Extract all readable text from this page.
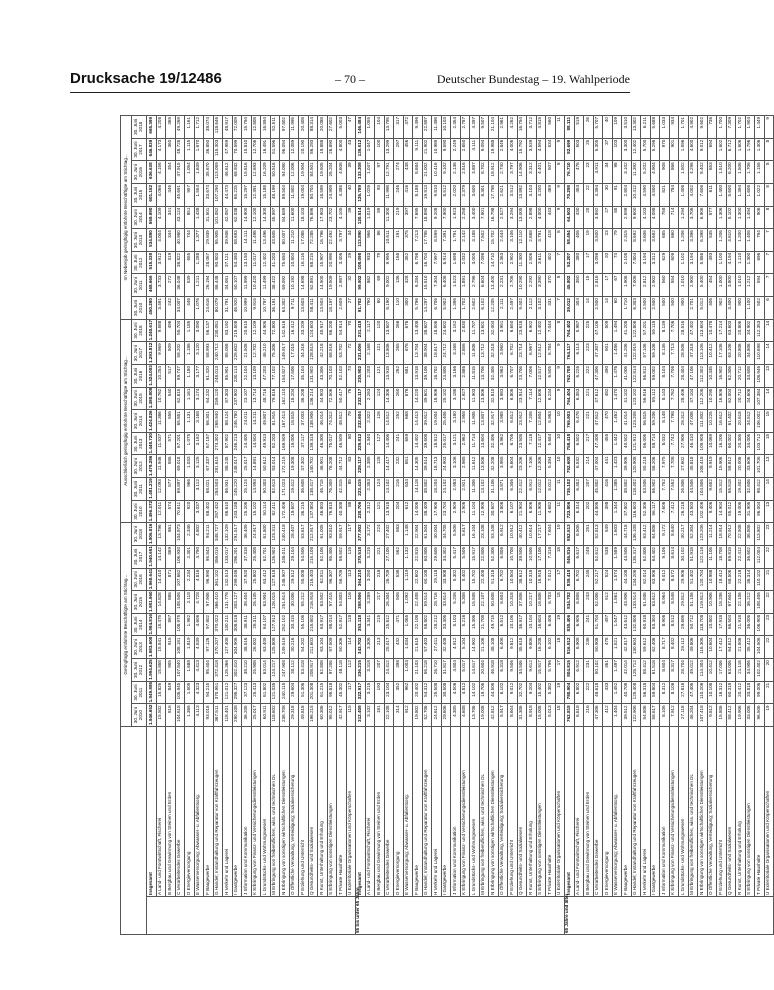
Drucksache 19/12486	– 70 –	Deutscher Bundestag – 19. Wahlperiode
		Geringfügig entlohnte Beschäftigte am Stichtag...									Ausschließlich geringfügig entlohnte Beschäftigte am Stichtag...									Im Nebenjob geringfügig entlohnte Beschäftigte am Stichtag...								
		30. Juni 2010	30. Juni 2011	30. Juni 2012	30. Juni 2013	30. Juni 2014	30. Juni 2015	30. Juni 2016	30. Juni 2017	30. Juni 2018	30. Juni 2010	30. Juni 2011	30. Juni 2012	30. Juni 2013	30. Juni 2014	30. Juni 2015	30. Juni 2016	30. Juni 2017	30. Juni 2018	30. Juni 2010	30. Juni 2011	30. Juni 2012	30. Juni 2013	30. Juni 2014	30. Juni 2015	30. Juni 2016	30. Juni 2017	30. Juni 2018
	Insgesamt	1.946.652	1.949.885	1.994.625	1.983.600	1.994.816	1.981.960	1.960.641	1.940.651	1.906.016	1.496.372	1.481.219	1.479.286	1.448.720	1.424.826	1.380.808	1.324.003	1.293.812	1.240.617	450.280	468.666	515.339	534.880	569.990	601.152	636.638	646.839	665.399
	A Land- und Forstwirtschaft, Fischerei	15.502	15.826	15.858	15.541	15.475	14.828	14.410	14.142	13.796	12.011	12.093	11.946	11.537	11.366	10.762	10.254	9.969	9.588	3.491	3.733	3.912	4.004	4.109	4.066	4.156	4.173	4.208
	B Bergbau und Gewinnung von Steinen und Erden	816	849	905	915	897	886	871	869	861	574	577	586	571	556	540	517	509	496	242	272	319	344	341	346	354	360	365
	C Verarbeitendes Gewerbe	104.618	105.945	107.840	108.181	108.975	108.506	107.662	106.930	104.973	70.611	69.897	69.018	67.201	65.851	62.815	59.747	58.202	55.704	34.007	36.048	38.822	40.980	43.124	45.691	47.915	48.728	49.269
	D Energieversorgung	1.366	1.505	1.688	1.819	1.982	2.118	2.234	2.301	2.346	920	966	1.033	1.075	1.131	1.161	1.180	1.186	1.185	446	539	655	744	851	957	1.054	1.115	1.161
	E Wasserversorgung; Abwasser- u. Abfallentsorg.	4.113	4.323	4.413	4.539	4.606	4.728	4.816	4.790	4.802	3.037	3.112	3.125	3.162	3.168	3.174	3.177	3.120	3.090	1.076	1.211	1.288	1.377	1.438	1.554	1.639	1.670	1.712
	F Baugewerbe	93.018	94.215	95.404	97.126	97.802	97.906	96.990	95.843	94.211	68.402	68.021	67.337	67.187	66.301	64.232	61.320	58.993	56.137	24.616	26.194	28.067	29.939	31.501	33.674	35.670	36.850	38.074
	G Handel; Instandhaltung und Reparatur von Kraftfahrzeugen	367.511	370.951	372.418	370.207	370.022	366.410	361.102	356.015	348.727	287.432	284.503	281.615	274.302	268.940	259.120	248.013	240.712	230.081	80.079	86.448	90.803	95.905	101.082	107.290	113.089	115.303	118.646
	H Verkehr und Lagerei	118.401	121.012	125.366	127.408	130.211	131.776	132.513	133.017	132.109	86.610	86.931	88.245	87.902	88.124	87.303	85.901	85.058	83.192	31.791	34.081	37.121	39.506	42.087	44.473	46.612	47.959	48.917
	I Gastgewerbe	290.108	295.327	302.410	304.906	308.818	303.127	299.046	296.201	291.517	243.188	245.220	248.017	246.213	246.780	237.902	230.114	225.602	219.508	46.920	50.107	54.393	58.693	62.038	65.225	68.932	70.599	72.009
	J Information und Kommunikation	36.205	37.123	38.210	38.516	38.911	38.404	37.920	37.318	36.409	25.206	25.124	25.017	24.405	24.011	23.107	22.104	21.508	20.615	10.999	11.999	13.193	14.111	14.900	15.297	15.816	15.810	15.794
	K Erbringung von Finanz- und Versicherungsdienstleistungen	25.017	25.413	25.908	26.002	26.311	26.105	25.802	25.408	24.917	15.102	14.993	14.891	14.504	14.211	13.714	13.109	12.702	12.109	9.915	10.420	11.017	11.498	12.100	12.391	12.693	12.706	12.808
	L Grundstücks- und Wohnungswesen	60.911	61.802	63.014	63.409	64.107	63.904	63.412	62.701	61.800	50.114	50.303	50.612	49.913	49.807	48.716	47.203	46.210	44.906	10.797	11.499	12.402	13.496	14.300	15.188	16.209	16.491	16.894
	M Erbringung von freiberuflichen, wiss. und technischen DL	118.602	121.035	124.217	125.808	127.912	128.015	127.618	126.902	125.311	82.411	82.613	83.014	82.203	81.915	79.816	77.102	75.306	72.800	36.191	38.422	41.203	43.605	45.997	48.199	50.516	51.596	52.511
	N Erbringung von sonstigen wirtschaftlichen Dienstleistungen	236.708	240.115	247.908	249.516	252.102	251.614	248.907	246.011	240.418	172.406	171.023	172.215	169.509	167.413	162.110	154.827	149.917	142.616	64.302	69.092	75.693	80.007	84.689	89.504	94.080	96.094	97.802
	O Öffentliche Verwaltung, Verteidigung; Sozialversicherung	29.318	29.604	30.112	30.216	30.415	30.006	29.512	29.104	28.407	19.607	19.412	19.308	19.006	18.815	18.204	17.506	17.015	16.412	9.711	10.192	10.804	11.210	11.600	11.802	12.006	12.089	11.995
	P Erziehung und Unterricht	49.818	51.306	53.418	54.202	55.106	55.212	55.008	54.506	53.617	36.215	36.608	37.302	37.117	37.003	36.208	35.104	34.316	33.209	13.603	14.698	16.116	17.085	18.103	19.004	19.904	20.190	20.408
	Q Gesundheits- und Sozialwesen	196.215	201.308	208.917	211.603	215.802	216.918	216.403	215.108	212.917	137.804	138.417	140.702	139.318	138.906	136.214	131.902	128.815	124.603	58.411	62.891	68.215	72.285	76.896	80.704	84.501	86.293	88.314
	R Kunst, Unterhaltung und Erholung	60.306	61.215	62.808	63.104	63.917	63.502	62.811	62.106	61.005	46.803	46.715	46.901	46.308	46.014	44.903	43.306	42.218	40.917	13.503	14.500	15.907	16.796	17.903	18.599	19.505	19.888	20.088
	S Erbringung von sonstigen Dienstleistungen	95.012	95.818	97.206	97.509	98.014	97.415	96.307	95.406	93.810	76.815	76.309	76.208	75.017	74.312	72.506	70.103	68.516	66.208	18.197	19.509	20.998	22.492	23.702	24.909	26.204	26.890	27.602
	T Private Haushalte	42.917	45.302	48.118	50.306	52.917	54.803	56.709	58.502	59.917	40.308	42.315	44.712	46.509	48.812	50.417	52.103	53.702	54.914	2.609	2.987	3.406	3.797	4.105	4.386	4.606	4.800	5.003
	U Exterritoriale Organisationen und Körperschaften	115	117	112	114	118	116	113	115	117	88	85	83	80	79	76	74	72	70	27	32	29	34	39	40	39	43	47
55 bis unter 65 Jahre	Insgesamt	312.408	322.917	336.215	343.702	353.118	358.906	364.210	370.518	377.902	220.706	223.415	228.117	229.812	232.604	232.117	230.902	231.006	231.418	91.702	99.502	108.098	113.890	120.514	126.789	133.308	139.512	146.484
	A Land- und Forstwirtschaft, Fischerei	3.102	3.215	3.318	3.306	3.341	3.289	3.250	3.215	3.172	2.312	2.353	2.385	2.340	2.322	2.263	2.203	2.168	2.117	790	862	933	966	1.019	1.026	1.047	1.047	1.055
	B Bergbau und Gewinnung von Steinen und Erden	181	193	207	213	215	217	218	221	224	121	124	128	127	126	124	121	121	120	60	69	79	86	89	93	97	100	104
	C Verarbeitendes Gewerbe	22.108	23.104	24.412	25.017	25.812	26.304	26.709	27.105	27.402	13.918	14.102	14.417	14.406	14.512	14.306	13.918	13.806	13.607	8.190	9.002	9.995	10.611	11.300	11.998	12.791	13.299	13.795
	D Energieversorgung	314	352	398	432	471	506	536	562	583	204	216	232	241	252	260	262	265	266	110	136	166	191	219	246	274	297	317
	E Wasserversorgung; Abwasser- u. Abfallentsorg.	912	962	1.003	1.034	1.065	1.092	1.119	1.132	1.148	612	634	651	659	668	676	681	676	676	300	328	352	375	397	416	438	456	472
	F Baugewerbe	19.802	20.402	21.103	21.615	22.108	22.408	22.602	22.815	22.904	14.006	14.118	14.305	14.402	14.413	14.220	13.918	13.704	13.408	5.796	6.284	6.798	7.213	7.695	8.188	8.684	9.111	9.496
	G Handel; Instandhaltung und Reparatur von Kraftfahrzeugen	52.706	54.312	56.218	57.403	58.802	59.514	60.108	60.806	61.504	38.409	38.802	39.514	39.608	39.912	39.601	39.106	38.904	38.607	14.297	15.510	16.704	17.795	18.890	19.913	21.002	21.902	22.897
	H Verkehr und Lagerei	24.612	25.508	26.710	27.411	28.212	28.716	29.118	29.606	30.004	17.906	18.204	18.713	18.812	19.004	18.906	18.702	18.617	18.506	6.706	7.304	7.997	8.599	9.208	9.810	10.416	10.989	11.498
	I Gastgewerbe	29.606	30.508	31.817	32.408	33.306	33.614	33.908	34.302	34.705	23.704	24.102	24.903	25.017	25.406	25.102	24.806	24.712	24.602	5.902	6.406	6.914	7.391	7.900	8.512	9.102	9.590	10.103
	J Information und Kommunikation	4.305	4.506	4.804	4.912	5.103	5.206	5.302	5.417	5.506	2.909	2.983	3.106	3.121	3.180	3.186	3.166	3.168	3.152	1.396	1.523	1.698	1.791	1.923	2.020	2.136	2.249	2.354
	K Erbringung von Finanz- und Versicherungsdienstleistungen	4.608	4.812	5.017	5.104	5.216	5.306	5.402	5.506	5.617	2.906	2.921	2.985	2.962	2.958	2.927	2.886	2.856	2.830	1.702	1.891	2.032	2.142	2.258	2.379	2.516	2.650	2.787
	L Grundstücks- und Wohnungswesen	13.706	14.102	14.617	14.902	15.306	15.508	15.702	15.917	16.104	11.104	11.306	11.612	11.714	11.906	11.903	11.815	11.806	11.707	2.602	2.796	3.005	3.188	3.400	3.605	3.887	4.111	4.397
	M Erbringung von freiberuflichen, wiss. und technischen DL	19.008	19.706	20.604	21.106	21.708	22.107	22.408	22.806	23.108	12.906	13.102	13.506	13.604	13.807	13.806	13.706	13.712	13.601	6.102	6.604	7.098	7.502	7.901	8.301	8.702	9.094	9.507
	N Erbringung von sonstigen wirtschaftlichen Dienstleistungen	42.812	44.506	46.918	48.108	49.715	50.608	51.318	52.306	53.108	30.607	31.106	32.208	32.406	32.917	32.810	32.406	32.318	32.004	12.205	13.400	14.710	15.702	16.798	17.798	18.912	19.988	21.104
	O Öffentliche Verwaltung, Verteidigung; Sozialversicherung	5.917	6.102	6.318	6.406	6.512	6.604	6.702	6.806	6.912	3.806	3.871	3.955	3.962	3.985	3.983	3.962	3.960	3.951	2.111	2.231	2.363	2.444	2.527	2.621	2.740	2.846	2.961
	P Erziehung und Unterricht	8.604	9.012	9.506	9.812	10.106	10.318	10.504	10.708	10.912	6.107	6.306	6.604	6.706	6.812	6.806	6.707	6.702	6.650	2.497	2.706	2.902	3.106	3.294	3.512	3.797	4.006	4.262
	Q Gesundheits- und Sozialwesen	31.306	32.702	34.506	35.618	36.917	37.806	38.612	39.506	40.412	21.904	22.412	23.206	23.508	23.912	23.914	23.706	23.714	23.618	9.402	10.290	11.300	12.110	13.005	13.892	14.906	15.792	16.794
	R Kunst, Unterhaltung und Erholung	8.918	9.204	9.612	9.806	10.104	10.217	10.318	10.506	10.614	6.806	6.912	7.106	7.118	7.206	7.114	7.006	6.967	6.902	2.112	2.292	2.506	2.688	2.898	3.103	3.312	3.539	3.712
	S Erbringung von sonstigen Dienstleistungen	15.008	15.402	15.917	16.208	16.604	16.806	16.918	17.106	17.217	11.906	12.012	12.306	12.417	12.604	12.606	12.517	12.512	12.402	3.102	3.390	3.611	3.791	4.000	4.200	4.401	4.594	4.815
	T Private Haushalte	5.013	5.382	5.796	6.102	6.406	6.703	7.012	7.318	7.604	4.682	5.012	5.394	5.684	5.963	6.234	6.505	6.784	7.044	331	370	402	418	443	469	507	534	560
	U Exterritoriale Organisationen und Körperschaften	18	19	17	18	19	18	17	18	19	11	11	10	10	10	9	9	9	8	7	8	7	8	9	9	8	9	11
65 Jahre und älter	Insgesamt	762.818	780.904	804.815	816.912	830.406	834.702	839.418	846.816	852.513	723.806	735.102	752.608	758.418	765.903	764.404	762.708	764.117	764.402	39.012	45.802	52.207	58.494	64.503	70.298	76.710	82.699	88.111
	A Land- und Forstwirtschaft, Fischerei	6.618	6.802	6.912	6.908	6.906	6.806	6.702	6.617	6.506	6.314	6.452	6.532	6.502	6.476	6.353	6.226	6.114	5.987	304	350	380	406	430	453	476	503	519
	B Bergbau und Gewinnung von Steinen und Erden	216	222	231	236	241	243	245	248	251	202	207	214	217	221	221	222	223	225	14	15	17	19	20	22	23	25	26
	C Verarbeitendes Gewerbe	47.306	48.618	50.102	50.908	51.704	52.006	52.217	52.612	52.813	44.806	45.802	47.004	47.408	47.812	47.612	47.306	47.307	47.106	2.500	2.816	3.098	3.500	3.892	4.394	4.911	5.305	5.707
	D Energieversorgung	412	433	461	478	497	512	524	538	549	398	416	441	455	470	482	490	501	509	14	17	20	23	27	30	34	37	40
	E Wasserversorgung; Abwasser- u. Abfallentsorg.	1.404	1.452	1.497	1.521	1.547	1.561	1.574	1.589	1.603	1.344	1.385	1.423	1.442	1.462	1.470	1.476	1.486	1.494	60	67	74	79	85	91	98	103	109
	F Baugewerbe	39.512	40.708	42.014	42.817	43.612	43.906	44.108	44.506	44.718	37.802	38.802	39.906	40.502	41.014	41.102	41.006	41.206	41.208	1.710	1.906	2.108	2.315	2.598	2.804	3.102	3.300	3.510
	G Handel; Instandhaltung und Reparatur von Kraftfahrzeugen	122.906	125.408	128.712	130.604	132.806	133.514	134.206	135.317	136.108	116.603	118.402	120.908	121.912	123.206	123.102	122.814	122.915	122.806	6.303	7.006	7.804	8.692	9.600	10.412	11.392	12.402	13.302
	H Verkehr und Lagerei	54.806	56.318	58.412	59.612	60.918	61.506	62.014	62.806	63.412	52.306	53.506	55.218	56.006	56.815	56.916	56.812	57.106	57.201	2.500	2.812	3.194	3.606	4.103	4.590	5.202	5.700	6.211
	I Gastgewerbe	58.617	59.804	61.518	62.406	63.304	63.612	63.906	64.402	64.806	56.117	56.902	58.206	58.714	59.206	59.112	59.002	59.106	59.118	2.500	2.902	3.312	3.692	4.098	4.500	4.904	5.296	5.688
	J Information und Kommunikation	8.106	8.312	8.604	8.717	8.906	8.964	9.012	9.106	9.172	7.606	7.752	7.975	8.032	8.148	8.143	8.104	8.136	8.139	500	560	629	685	758	821	908	970	1.033
	K Erbringung von Finanz- und Versicherungsdienstleistungen	7.912	8.106	8.317	8.402	8.512	8.546	8.572	8.614	8.640	7.412	7.552	7.708	7.742	7.798	7.762	7.706	7.713	7.706	500	554	609	660	714	784	866	901	934
	L Grundstücks- und Wohnungswesen	27.118	27.816	28.704	29.112	29.606	29.812	29.906	30.102	30.217	26.218	26.806	27.602	27.906	28.312	28.406	28.404	28.506	28.516	900	1.010	1.102	1.206	1.294	1.406	1.502	1.596	1.701
	M Erbringung von freiberuflichen, wiss. und technischen DL	46.204	47.406	49.012	49.806	50.712	51.106	51.402	51.918	52.304	43.503	44.506	45.818	46.410	47.006	47.104	47.106	47.318	47.402	2.701	2.900	3.194	3.396	3.706	4.002	4.296	4.600	4.902
	N Erbringung von sonstigen wirtschaftlichen Dienstleistungen	107.418	110.206	114.304	116.306	118.708	119.812	120.704	122.118	123.206	102.406	104.806	108.418	109.908	111.802	112.206	112.302	113.106	113.604	5.012	5.400	5.886	6.398	6.906	7.606	8.402	9.012	9.602
	O Öffentliche Verwaltung, Verteidigung; Sozialversicherung	9.812	10.106	10.412	10.604	10.802	10.906	10.988	11.106	11.214	9.406	9.652	9.919	10.069	10.225	10.295	10.335	10.412	10.478	406	454	493	535	577	611	653	694	736
	P Erziehung und Unterricht	15.806	16.312	17.006	17.412	17.918	18.206	18.412	18.708	18.914	14.904	15.312	15.906	16.206	16.612	16.806	16.902	17.106	17.214	902	1.000	1.100	1.206	1.306	1.400	1.510	1.602	1.700
	Q Gesundheits- und Sozialwesen	58.412	60.318	63.006	64.612	66.504	67.604	68.506	69.818	70.912	55.012	56.518	58.812	60.002	61.402	62.004	62.306	63.106	63.603	3.400	3.800	4.194	4.610	5.102	5.600	6.200	6.712	7.309
	R Kunst, Unterhaltung und Erholung	19.906	20.412	21.116	21.506	21.918	22.106	22.218	22.412	22.508	19.006	19.402	20.006	20.306	20.618	20.712	20.712	20.806	20.806	900	1.010	1.110	1.200	1.300	1.394	1.506	1.606	1.702
	S Erbringung von sonstigen Dienstleistungen	33.006	33.818	34.906	35.412	36.006	36.212	36.314	36.602	36.806	31.906	32.606	33.606	34.006	34.512	34.606	34.608	34.806	34.902	1.100	1.212	1.300	1.406	1.494	1.606	1.706	1.796	1.904
	T Private Haushalte	96.506	99.006	102.402	104.506	106.908	108.406	110.102	112.004	113.802	96.004	98.412	101.706	103.712	106.002	107.384	108.946	110.698	112.353	502	594	696	794	906	1.022	1.156	1.306	1.449
	U Exterritoriale Organisationen und Körperschaften	19	21	20	22	23	22	21	22	23	13	14	13	15	15	14	13	14	14	6	7	7	7	8	8	8	8	9
